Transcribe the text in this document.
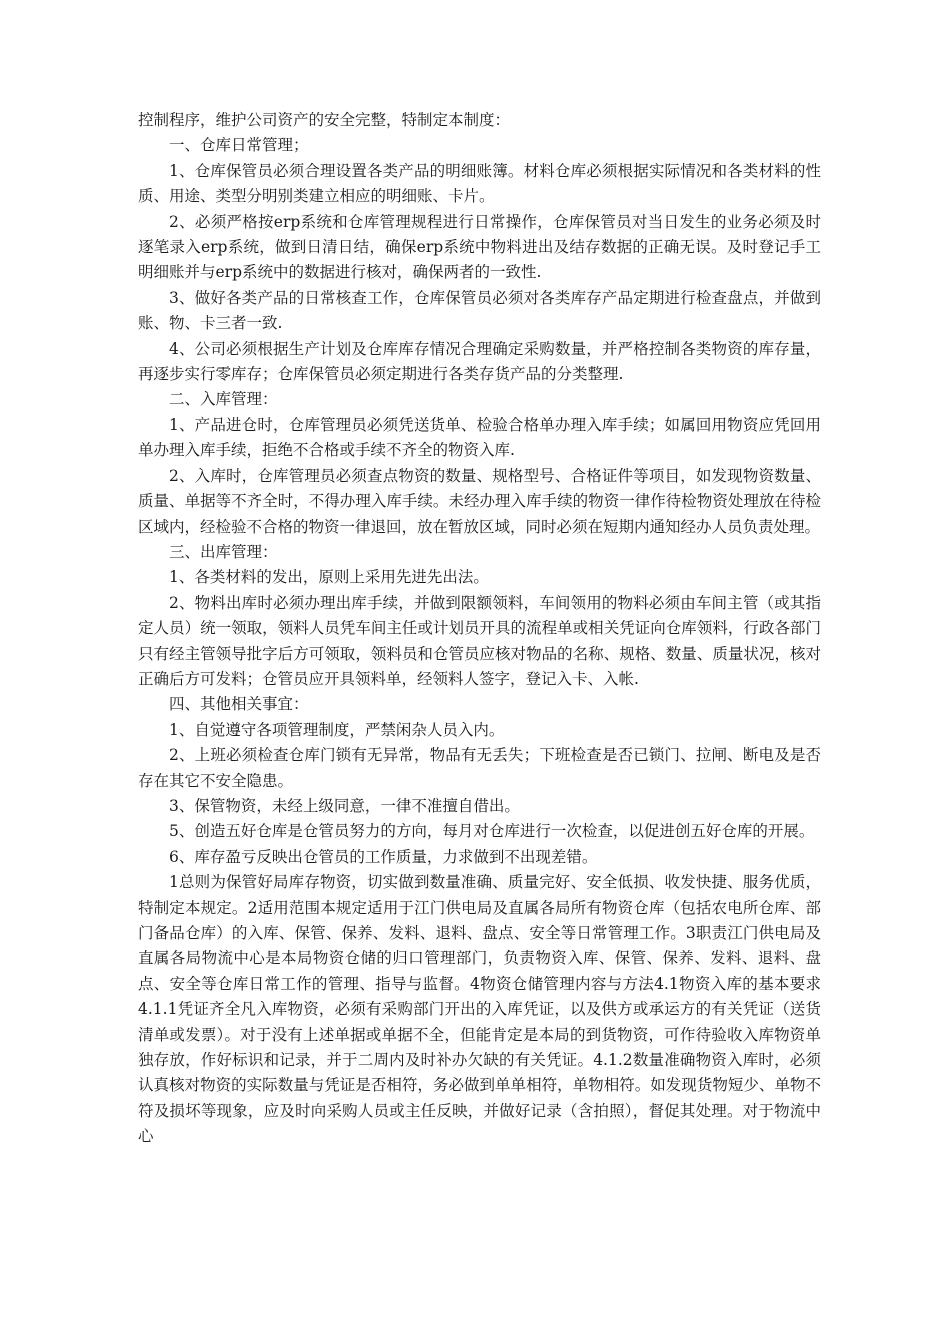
控制程序，维护公司资产的安全完整，特制定本制度：

一、仓库日常管理；

1、仓库保管员必须合理设置各类产品的明细账簿。材料仓库必须根据实际情况和各类材料的性质、用途、类型分明别类建立相应的明细账、卡片。

2、必须严格按erp系统和仓库管理规程进行日常操作，仓库保管员对当日发生的业务必须及时逐笔录入erp系统，做到日清日结，确保erp系统中物料进出及结存数据的正确无误。及时登记手工明细账并与erp系统中的数据进行核对，确保两者的一致性.

3、做好各类产品的日常核查工作，仓库保管员必须对各类库存产品定期进行检查盘点，并做到账、物、卡三者一致.

4、公司必须根据生产计划及仓库库存情况合理确定采购数量，并严格控制各类物资的库存量，再逐步实行零库存；仓库保管员必须定期进行各类存货产品的分类整理.

二、入库管理：

1、产品进仓时，仓库管理员必须凭送货单、检验合格单办理入库手续；如属回用物资应凭回用单办理入库手续，拒绝不合格或手续不齐全的物资入库.

2、入库时，仓库管理员必须查点物资的数量、规格型号、合格证件等项目，如发现物资数量、质量、单据等不齐全时，不得办理入库手续。未经办理入库手续的物资一律作待检物资处理放在待检区域内，经检验不合格的物资一律退回，放在暂放区域，同时必须在短期内通知经办人员负责处理。

三、出库管理：

1、各类材料的发出，原则上采用先进先出法。

2、物料出库时必须办理出库手续，并做到限额领料，车间领用的物料必须由车间主管（或其指定人员）统一领取，领料人员凭车间主任或计划员开具的流程单或相关凭证向仓库领料，行政各部门只有经主管领导批字后方可领取，领料员和仓管员应核对物品的名称、规格、数量、质量状况，核对正确后方可发料；仓管员应开具领料单，经领料人签字，登记入卡、入帐.

四、其他相关事宜：

1、自觉遵守各项管理制度，严禁闲杂人员入内。

2、上班必须检查仓库门锁有无异常，物品有无丢失；下班检查是否已锁门、拉闸、断电及是否存在其它不安全隐患。

3、保管物资，未经上级同意，一律不准擅自借出。

5、创造五好仓库是仓管员努力的方向，每月对仓库进行一次检查，以促进创五好仓库的开展。

6、库存盈亏反映出仓管员的工作质量，力求做到不出现差错。

1总则为保管好局库存物资，切实做到数量准确、质量完好、安全低损、收发快捷、服务优质，特制定本规定。2适用范围本规定适用于江门供电局及直属各局所有物资仓库（包括农电所仓库、部门备品仓库）的入库、保管、保养、发料、退料、盘点、安全等日常管理工作。3职责江门供电局及直属各局物流中心是本局物资仓储的归口管理部门，负责物资入库、保管、保养、发料、退料、盘点、安全等仓库日常工作的管理、指导与监督。4物资仓储管理内容与方法4.1物资入库的基本要求4.1.1凭证齐全凡入库物资，必须有采购部门开出的入库凭证，以及供方或承运方的有关凭证（送货清单或发票）。对于没有上述单据或单据不全，但能肯定是本局的到货物资，可作待验收入库物资单独存放，作好标识和记录，并于二周内及时补办欠缺的有关凭证。4.1.2数量准确物资入库时，必须认真核对物资的实际数量与凭证是否相符，务必做到单单相符，单物相符。如发现货物短少、单物不符及损坏等现象，应及时向采购人员或主任反映，并做好记录（含拍照），督促其处理。对于物流中心
